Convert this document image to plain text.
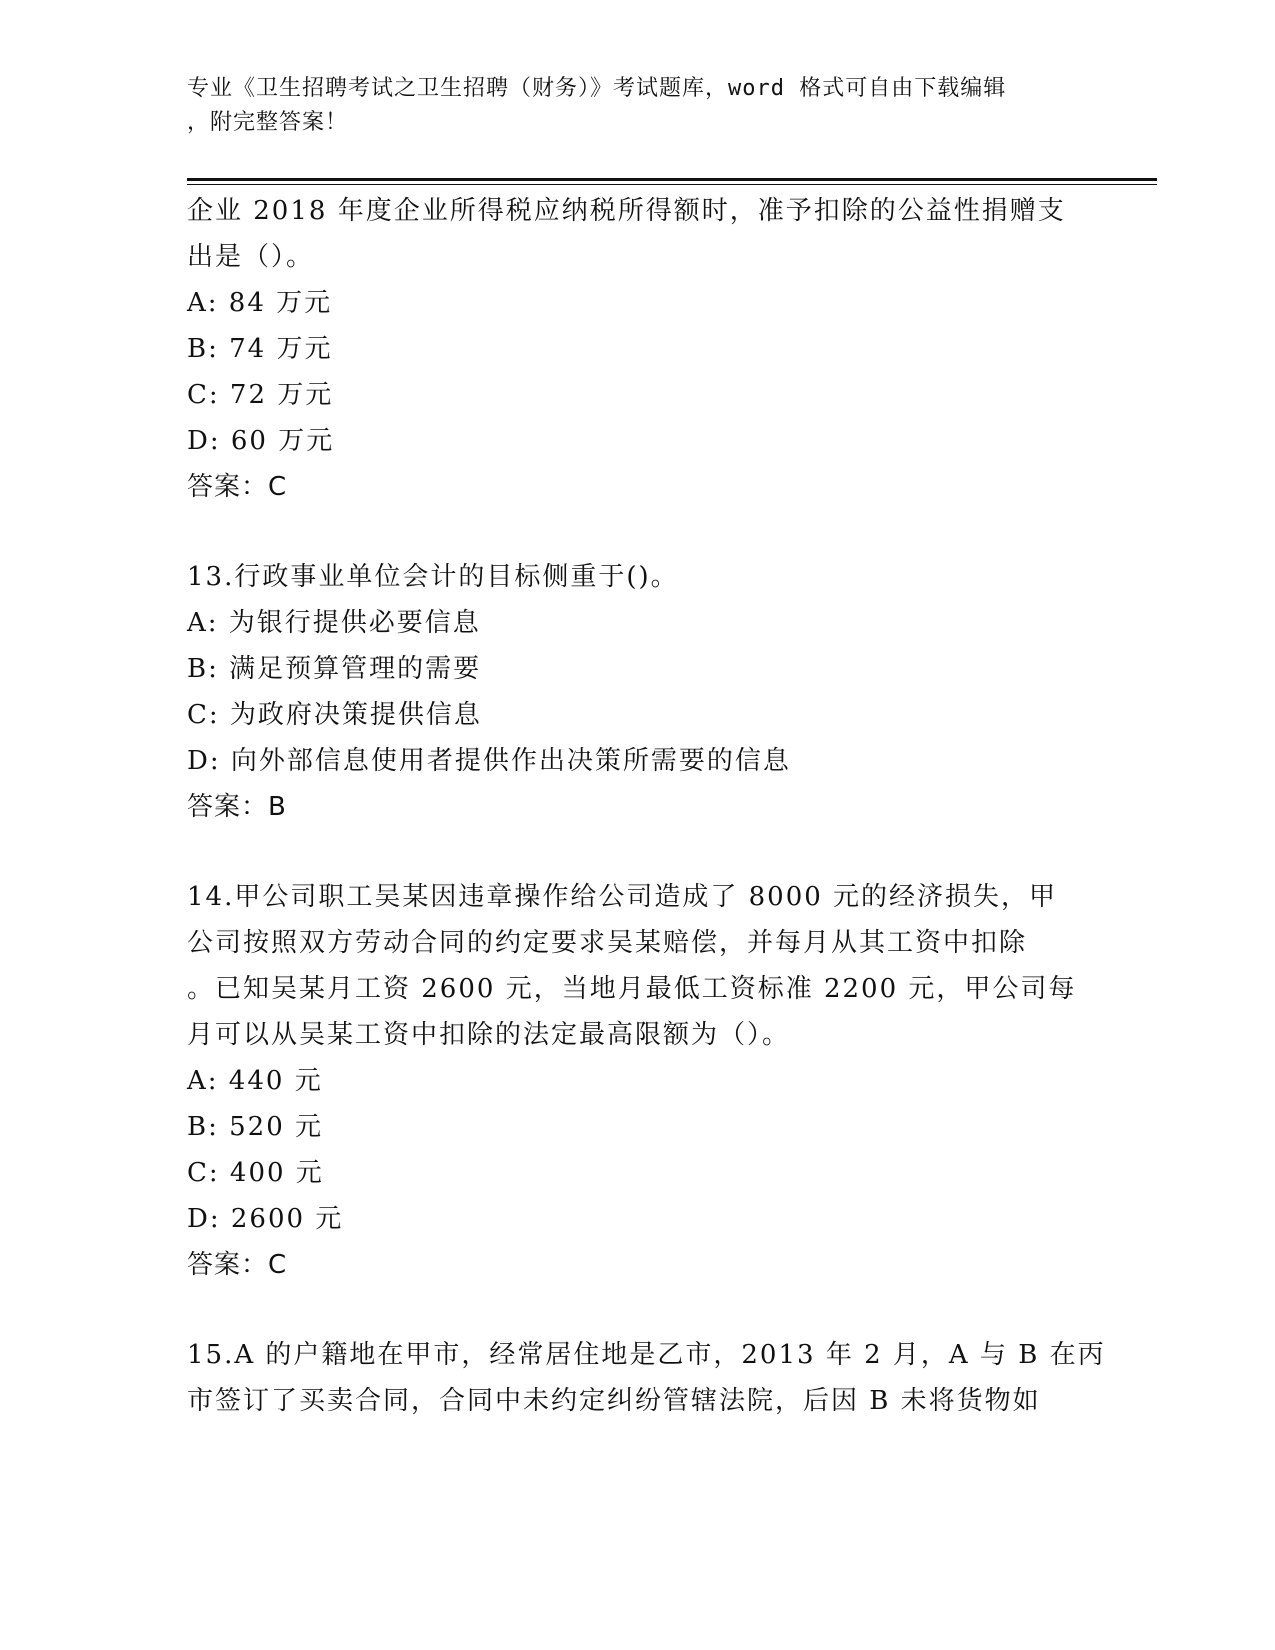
专业《卫生招聘考试之卫生招聘（财务）》考试题库，word 格式可自由下载编辑
，附完整答案！
企业 2018 年度企业所得税应纳税所得额时，准予扣除的公益性捐赠支
出是（）。
A: 84 万元
B: 74 万元
C: 72 万元
D: 60 万元
答案：C
13.行政事业单位会计的目标侧重于()。
A: 为银行提供必要信息
B: 满足预算管理的需要
C: 为政府决策提供信息
D: 向外部信息使用者提供作出决策所需要的信息
答案：B
14.甲公司职工吴某因违章操作给公司造成了 8000 元的经济损失，甲
公司按照双方劳动合同的约定要求吴某赔偿，并每月从其工资中扣除
。已知吴某月工资 2600 元，当地月最低工资标准 2200 元，甲公司每
月可以从吴某工资中扣除的法定最高限额为（）。
A: 440 元
B: 520 元
C: 400 元
D: 2600 元
答案：C
15.A 的户籍地在甲市，经常居住地是乙市，2013 年 2 月，A 与 B 在丙
市签订了买卖合同，合同中未约定纠纷管辖法院，后因 B 未将货物如
